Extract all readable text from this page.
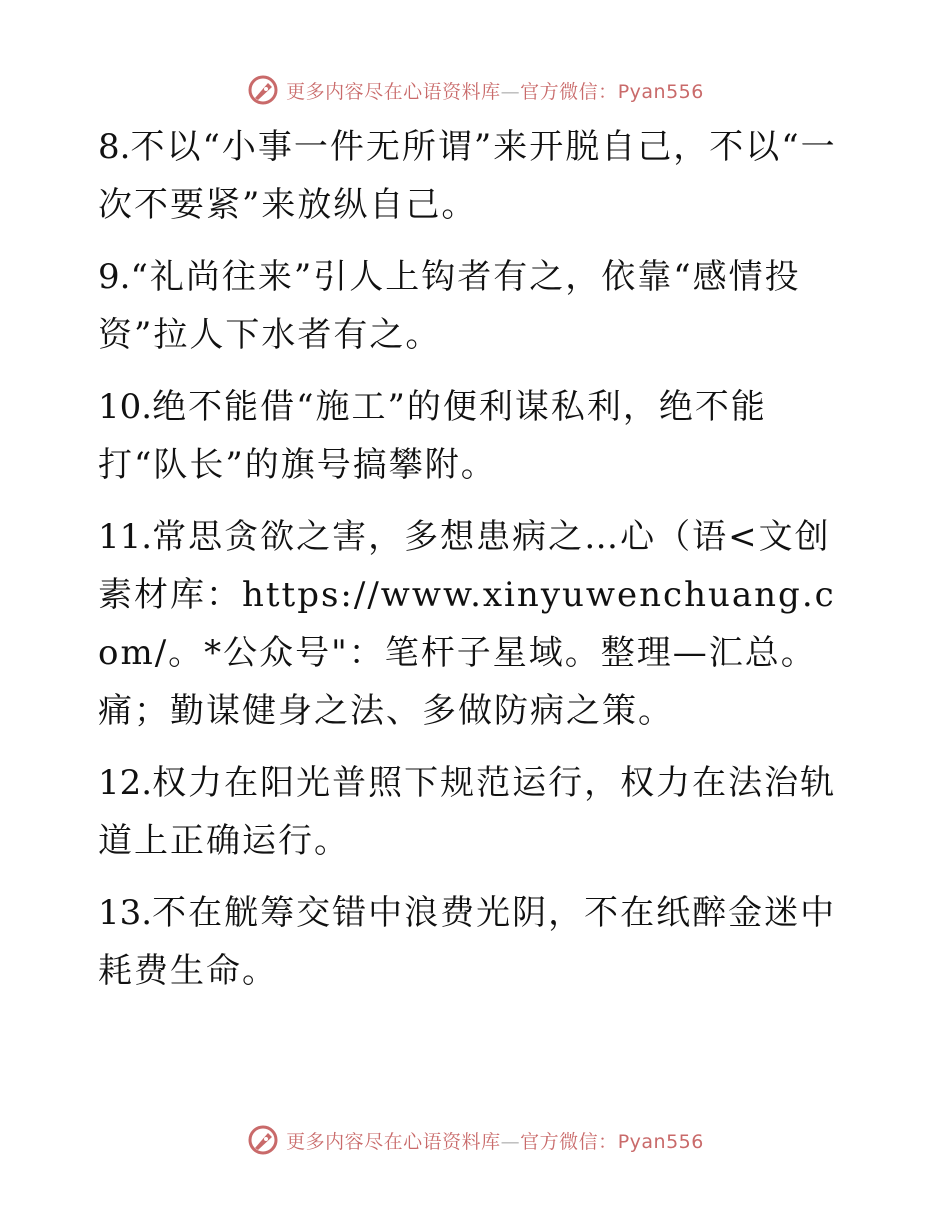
更多内容尽在心语资料库—官方微信：Pyan556

8.不以“小事一件无所谓”来开脱自己，不以“一次不要紧”来放纵自己。

9.“礼尚往来”引人上钩者有之，依靠“感情投资”拉人下水者有之。

10.绝不能借“施工”的便利谋私利，绝不能打“队长”的旗号搞攀附。

11.常思贪欲之害，多想患病之…心（语<文创素材库：https://www.xinyuwenchuang.com/。*公众号"：笔杆子星域。整理—汇总。痛；勤谋健身之法、多做防病之策。

12.权力在阳光普照下规范运行，权力在法治轨道上正确运行。

13.不在觥筹交错中浪费光阴，不在纸醉金迷中耗费生命。

更多内容尽在心语资料库—官方微信：Pyan556
